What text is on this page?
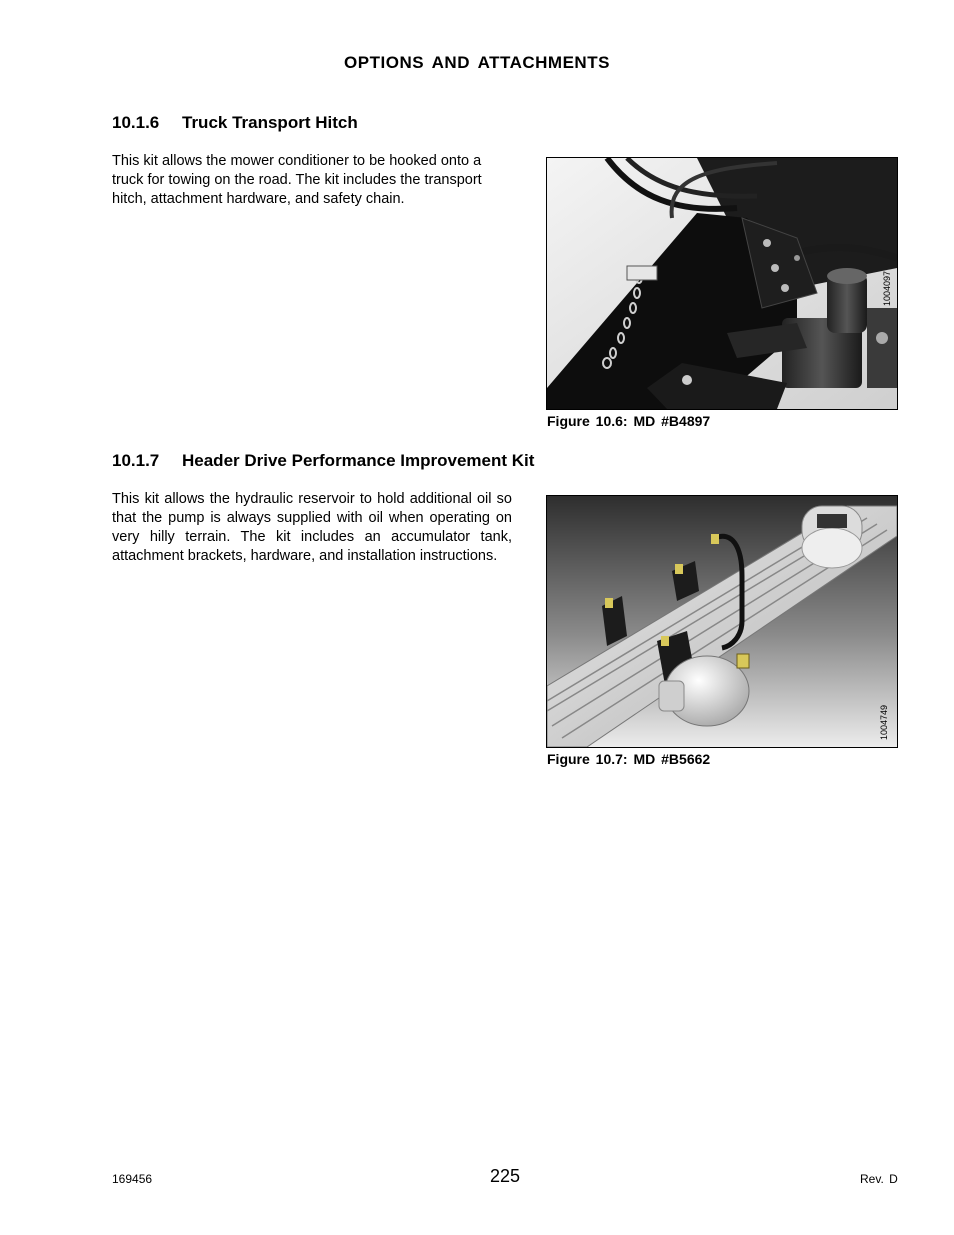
OPTIONS AND ATTACHMENTS
10.1.6 Truck Transport Hitch
This kit allows the mower conditioner to be hooked onto a truck for towing on the road. The kit includes the transport hitch, attachment hardware, and safety chain.
1004097
Figure 10.6: MD #B4897
10.1.7 Header Drive Performance Improvement Kit
This kit allows the hydraulic reservoir to hold additional oil so that the pump is always supplied with oil when operating on very hilly terrain. The kit includes an accumulator tank, attachment brackets, hardware, and installation instructions.
1004749
Figure 10.7: MD #B5662
169456	225	Rev. D
